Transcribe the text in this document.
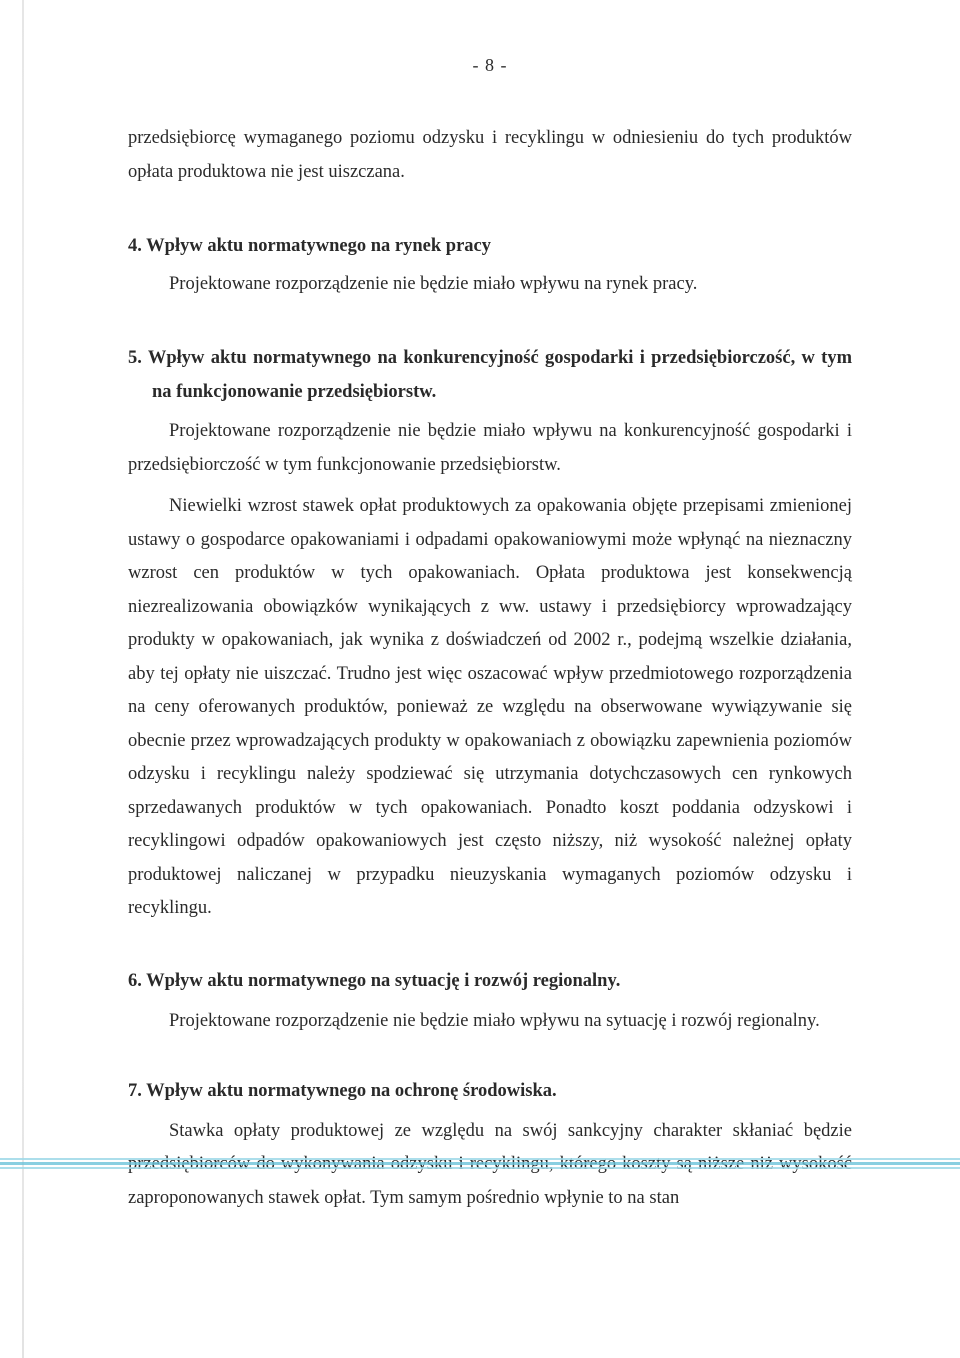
- 8 -

przedsiębiorcę wymaganego poziomu odzysku i recyklingu w odniesieniu do tych produktów opłata produktowa nie jest uiszczana.

4. Wpływ aktu normatywnego na rynek pracy

Projektowane rozporządzenie nie będzie miało wpływu na rynek pracy.

5. Wpływ aktu normatywnego na konkurencyjność gospodarki i przedsiębiorczość, w tym na funkcjonowanie przedsiębiorstw.

Projektowane rozporządzenie nie będzie miało wpływu na konkurencyjność gospodarki i przedsiębiorczość w tym funkcjonowanie przedsiębiorstw.

Niewielki wzrost stawek opłat produktowych za opakowania objęte przepisami zmienionej ustawy o gospodarce opakowaniami i odpadami opakowaniowymi może wpłynąć na nieznaczny wzrost cen produktów w tych opakowaniach. Opłata produktowa jest konsekwencją niezrealizowania obowiązków wynikających z ww. ustawy i przedsiębiorcy wprowadzający produkty w opakowaniach, jak wynika z doświadczeń od 2002 r., podejmą wszelkie działania, aby tej opłaty nie uiszczać. Trudno jest więc oszacować wpływ przedmiotowego rozporządzenia na ceny oferowanych produktów, ponieważ ze względu na obserwowane wywiązywanie się obecnie przez wprowadzających produkty w opakowaniach z obowiązku zapewnienia poziomów odzysku i recyklingu należy spodziewać się utrzymania dotychczasowych cen rynkowych sprzedawanych produktów w tych opakowaniach. Ponadto koszt poddania odzyskowi i recyklingowi odpadów opakowaniowych jest często niższy, niż wysokość należnej opłaty produktowej naliczanej w przypadku nieuzyskania wymaganych poziomów odzysku i recyklingu.

6. Wpływ aktu normatywnego na sytuację i rozwój regionalny.

Projektowane rozporządzenie nie będzie miało wpływu na sytuację i rozwój regionalny.

7. Wpływ aktu normatywnego na ochronę środowiska.

Stawka opłaty produktowej ze względu na swój sankcyjny charakter skłaniać będzie zaproponowanych stawek opłat. Tym samym pośrednio wpłynie to na stan
